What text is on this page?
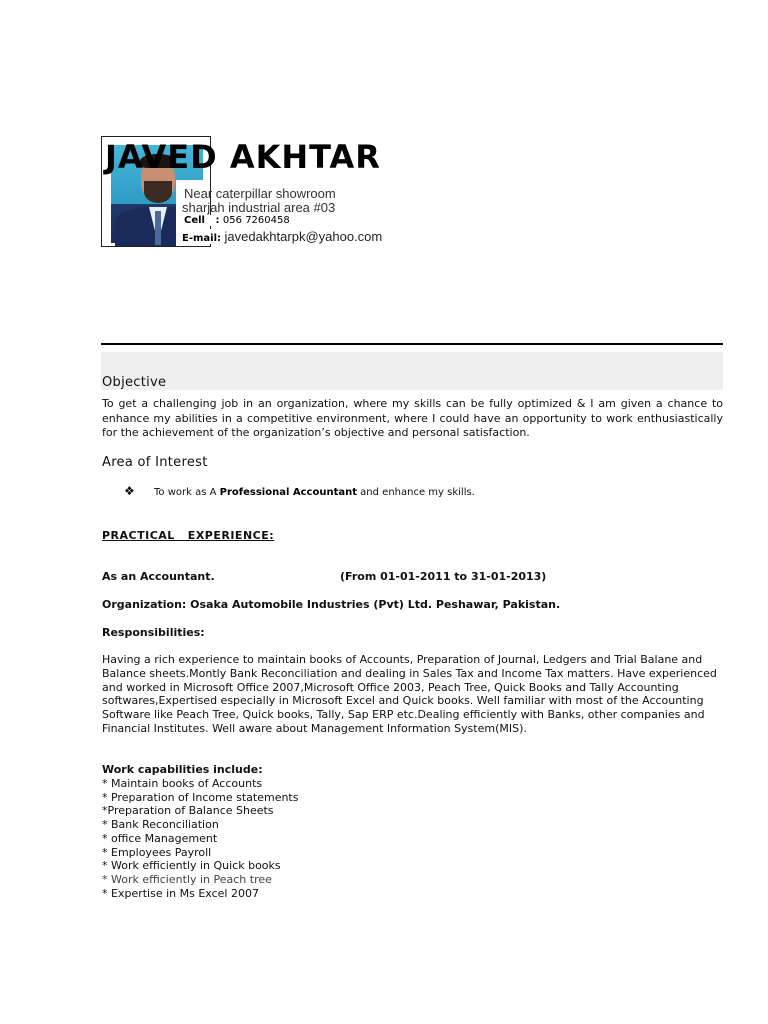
JAVED AKHTAR
Near caterpillar showroom
sharjah industrial area #03
Cell : 056 7260458
E-mail: javedakhtarpk@yahoo.com
Objective
To get a challenging job in an organization, where my skills can be fully optimized & I am given a chance to enhance my abilities in a competitive environment, where I could have an opportunity to work enthusiastically for the achievement of the organization’s objective and personal satisfaction.
Area of Interest
❖ To work as A Professional Accountant and enhance my skills.
PRACTICAL   EXPERIENCE:
As an Accountant.	(From 01-01-2011 to 31-01-2013)
Organization: Osaka Automobile Industries (Pvt) Ltd. Peshawar, Pakistan.
Responsibilities:
Having a rich experience to maintain books of Accounts, Preparation of Journal, Ledgers and Trial Balane and Balance sheets.Montly Bank Reconciliation and dealing in Sales Tax and Income Tax matters. Have experienced and worked in Microsoft Office 2007,Microsoft Office 2003, Peach Tree, Quick Books and Tally Accounting softwares,Expertised especially in Microsoft Excel and Quick books. Well familiar with most of the Accounting Software like Peach Tree, Quick books, Tally, Sap ERP etc.Dealing efficiently with Banks, other companies and Financial Institutes. Well aware about Management Information System(MIS).
Work capabilities include:
* Maintain books of Accounts
* Preparation of Income statements
*Preparation of Balance Sheets
* Bank Reconciliation
* office Management
* Employees Payroll
* Work efficiently in Quick books
* Work efficiently in Peach tree
* Expertise in Ms Excel 2007
